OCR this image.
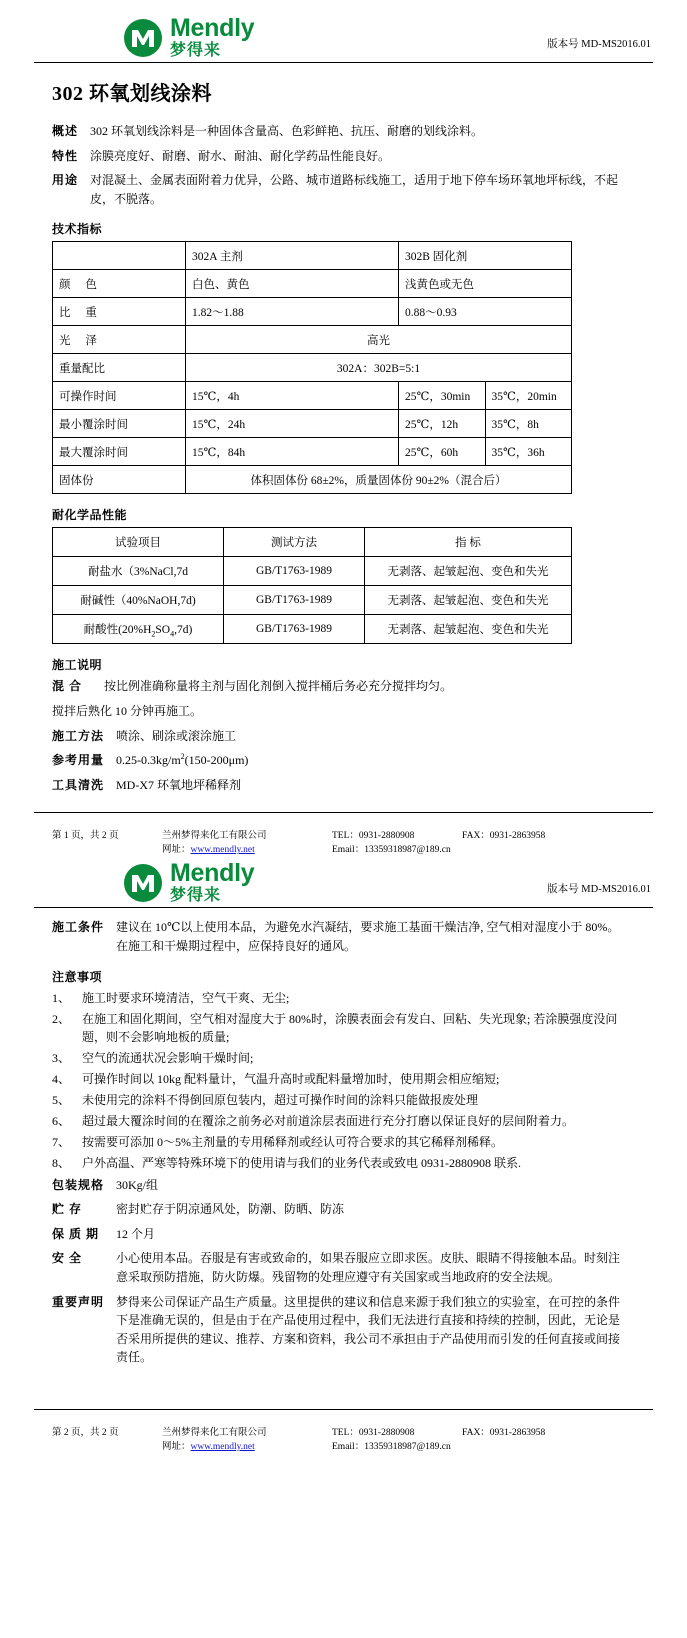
Mendly
梦得来	版本号 MD-MS2016.01
302 环氧划线涂料
概述 302 环氧划线涂料是一种固体含量高、色彩鲜艳、抗压、耐磨的划线涂料。
特性 涂膜亮度好、耐磨、耐水、耐油、耐化学药品性能良好。
用途 对混凝土、金属表面附着力优异，公路、城市道路标线施工，适用于地下停车场环氧地坪标线，不起皮，不脱落。
技术指标
	302A 主剂	302B 固化剂
颜 色	白色、黄色	浅黄色或无色
比 重	1.82～1.88	0.88～0.93
光 泽	高光
重量配比	302A：302B=5:1
可操作时间	15℃，4h		25℃，30min	35℃，20min

最小覆涂时间	15℃，24h		25℃，12h	35℃，8h

最大覆涂时间	15℃，84h		25℃，60h	35℃，36h

固体份	体积固体份 68±2%，质量固体份 90±2%（混合后）
耐化学品性能
试验项目	测试方法	指 标
耐盐水（3%NaCl,7d	GB/T1763-1989	无剥落、起皱起泡、变色和失光
耐碱性（40%NaOH,7d)	GB/T1763-1989	无剥落、起皱起泡、变色和失光
耐酸性$(20\%H_2SO_4,7d)$	GB/T1763-1989	无剥落、起皱起泡、变色和失光
施工说明
混 合	按比例准确称量将主剂与固化剂倒入搅拌桶后务必充分搅拌均匀。
搅拌后熟化 10 分钟再施工。
施工方法 喷涂、刷涂或滚涂施工
参考用量 $0.25-0.3kg/m^2(150-200\mu m)$
工具清洗 MD-X7 环氧地坪稀释剂
第 1 页，共 2 页	兰州梦得来化工有限公司	TEL：0931-2880908	FAX：0931-2863958
网址：www.mendly.net	Email：13359318987@189.cn
Mendly
梦得来	版本号 MD-MS2016.01
施工条件 建议在 10℃以上使用本品，为避免水汽凝结，要求施工基面干燥洁净, 空气相对湿度小于 80%。在施工和干燥期过程中，应保持良好的通风。
注意事项
1、 施工时要求环境清洁，空气干爽、无尘;
2、 在施工和固化期间，空气相对湿度大于 80%时，涂膜表面会有发白、回粘、失光现象; 若涂膜强度没问题，则不会影响地板的质量;
3、 空气的流通状况会影响干燥时间;
4、 可操作时间以 10kg 配料量计，气温升高时或配料量增加时，使用期会相应缩短;
5、 未使用完的涂料不得倒回原包装内，超过可操作时间的涂料只能做报废处理
6、 超过最大覆涂时间的在覆涂之前务必对前道涂层表面进行充分打磨以保证良好的层间附着力。
7、 按需要可添加 0～5%主剂量的专用稀释剂或经认可符合要求的其它稀释剂稀释。
8、 户外高温、严寒等特殊环境下的使用请与我们的业务代表或致电 0931-2880908 联系.
包装规格 30Kg/组
贮 存	密封贮存于阴凉通风处，防潮、防晒、防冻
保 质 期	12 个月
安 全	小心使用本品。吞服是有害或致命的，如果吞服应立即求医。皮肤、眼睛不得接触本品。时刻注意采取预防措施，防火防爆。残留物的处理应遵守有关国家或当地政府的安全法规。
重要声明 梦得来公司保证产品生产质量。这里提供的建议和信息来源于我们独立的实验室，在可控的条件下是准确无误的，但是由于在产品使用过程中，我们无法进行直接和持续的控制，因此，无论是否采用所提供的建议、推荐、方案和资料，我公司不承担由于产品使用而引发的任何直接或间接责任。
第 2 页，共 2 页	兰州梦得来化工有限公司	TEL：0931-2880908	FAX：0931-2863958
网址：www.mendly.net	Email：13359318987@189.cn
